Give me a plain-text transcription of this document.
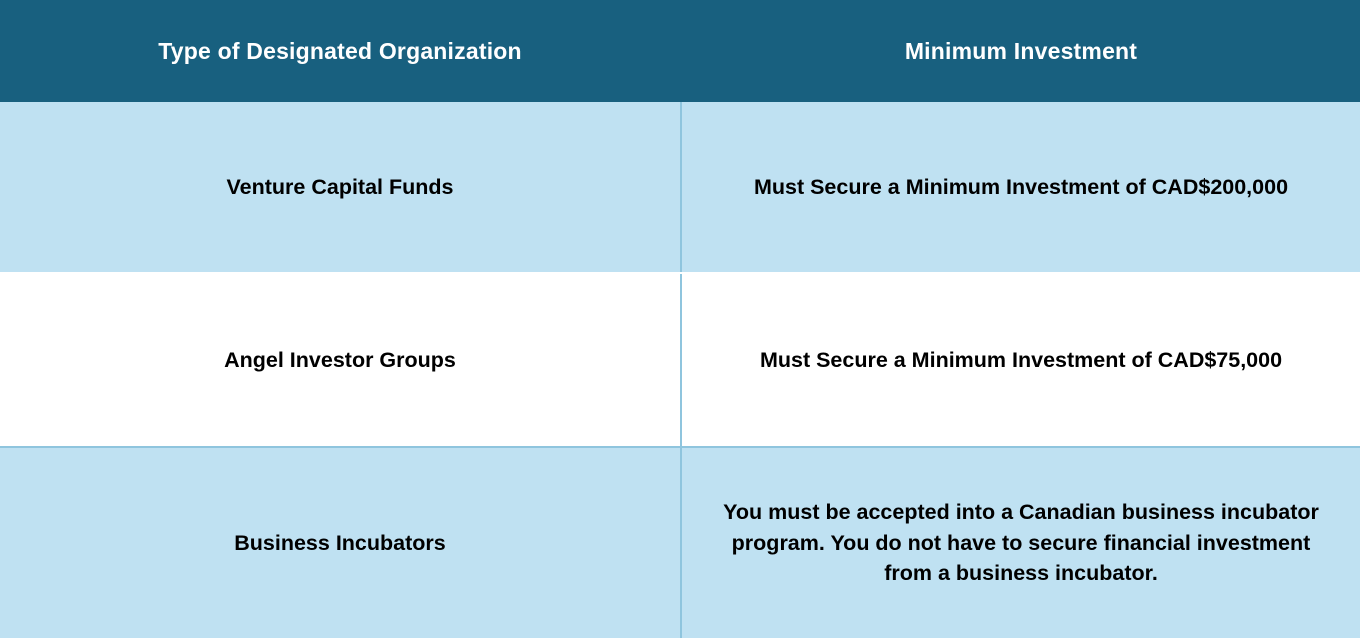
Type of Designated Organization	Minimum Investment
Venture Capital Funds	Must Secure a Minimum Investment of CAD$200,000
Angel Investor Groups	Must Secure a Minimum Investment of CAD$75,000
Business Incubators	You must be accepted into a Canadian business incubator program. You do not have to secure financial investment from a business incubator.
